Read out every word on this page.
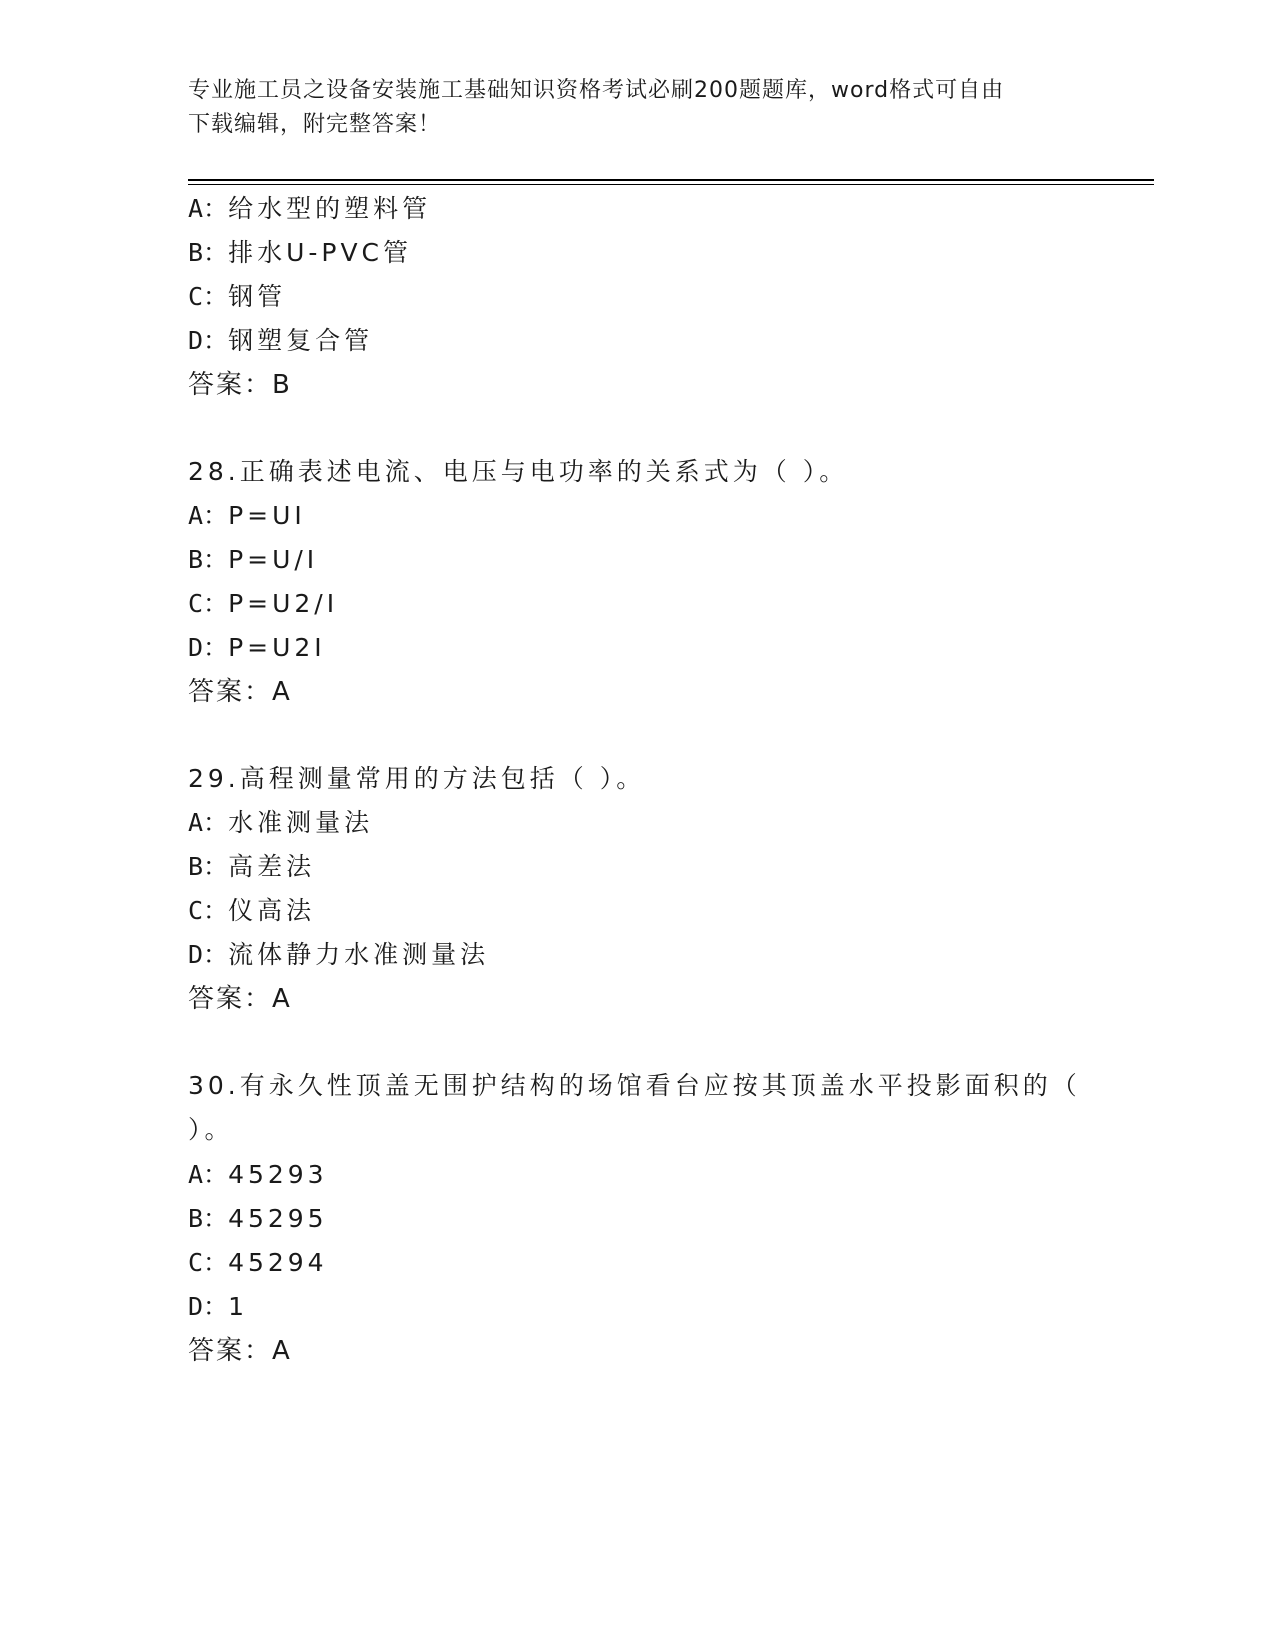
专业施工员之设备安装施工基础知识资格考试必刷200题题库，word格式可自由
下载编辑，附完整答案！
A：给水型的塑料管
B：排水U-PVC管
C：钢管
D：钢塑复合管
答案：B
28.正确表述电流、电压与电功率的关系式为（ ）。
A：P=UI
B：P=U/I
C：P=U2/I
D：P=U2I
答案：A
29.高程测量常用的方法包括（ ）。
A：水准测量法
B：高差法
C：仪高法
D：流体静力水准测量法
答案：A
30.有永久性顶盖无围护结构的场馆看台应按其顶盖水平投影面积的（
）。
A：45293
B：45295
C：45294
D：1
答案：A
